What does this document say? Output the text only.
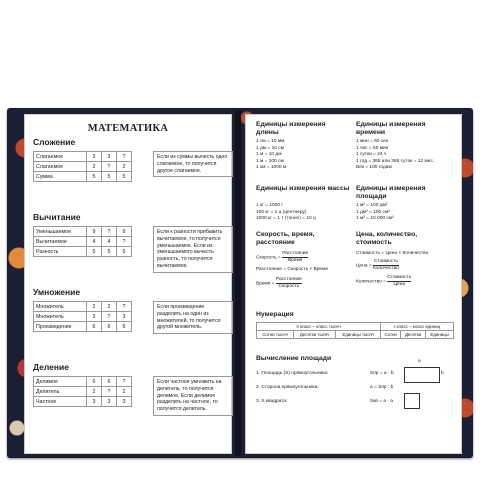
МАТЕМАТИКА
Сложение
Слагаемое	3	3	?
Слагаемое	2	?	2
Сумма	5	5	5
Если из суммы вычесть одно слагаемое, то получится другое слагаемое.
Вычитание
Уменьшаемое	9	?	9
Вычитаемое	4	4	?
Разность	5	5	5
Если к разности прибавить вычитаемое, то получится уменьшаемое. Если из уменьшаемого вычесть разность, то получится вычитаемое.
Умножение
Множитель	2	2	?
Множитель	3	?	3
Произведение	6	6	6
Если произведение разделить на один из множителей, то получится другой множитель.
Деление
Делимое	6	6	?
Делитель	2	?	2
Частное	3	3	3
Если частное умножить на делитель, то получится делимое. Если делимое разделить на частное, то получится делитель.
Единицы измерения длины
1 см = 10 мм
1 дм = 10 см
1 м = 10 дм
1 м = 100 см
1 км = 1000 м
Единицы измерения времени
1 мин = 60 сек
1 час = 60 мин
1 сутки = 24 ч
1 год = 365 или 366 суток = 12 мес.
Век = 100 годам
Единицы измерения массы
1 кг = 1000 г
100 кг = 1 ц (центнеру)
1000 кг = 1 т (тонне) = 10 ц
Единицы измерения площади
1 м² = 100 дм²
1 дм² = 100 см²
1 м² = 10 000 см²
Скорость, время, расстояние
Скорость = $\frac{\text{Расстояние}}{\text{Время}}$
Расстояние = Скорость × Время
Время = $\frac{\text{Расстояние}}{\text{Скорость}}$
Цена, количество, стоимость
Стоимость = Цена × Количество
Цена = $\frac{\text{Стоимость}}{\text{Количество}}$
Количество = $\frac{\text{Стоимость}}{\text{Цена}}$
Нумерация
II класс – класс тысяч			I класс – класс единиц		
Сотни тысяч	Десятки тысяч	Единицы тысяч	Сотни	Десятки	Единицы
Вычисление площади
1. Площадь (S) прямоугольника:	Sпр = a · b
2. Сторона прямоугольника:	a = Sпр : b
3. S квадрата:	Sкв = a · a
a
b
